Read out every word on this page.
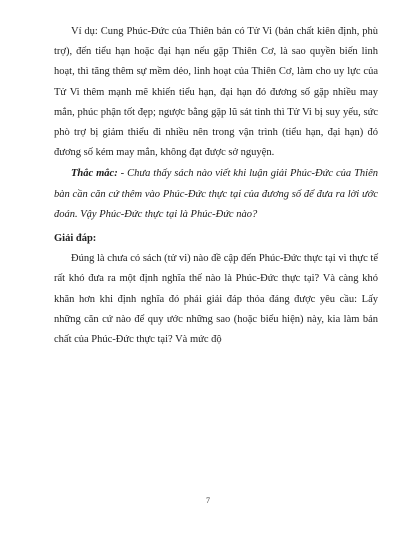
Ví dụ: Cung Phúc-Đức của Thiên bản có Tử Vi (bản chất kiên định, phù trợ), đến tiểu hạn hoặc đại hạn nếu gặp Thiên Cơ, là sao quyền biến linh hoạt, thì tăng thêm sự mềm dẻo, linh hoạt của Thiên Cơ, làm cho uy lực của Tử Vi thêm mạnh mẽ khiến tiểu hạn, đại hạn đó đương số gặp nhiều may mắn, phúc phận tốt đẹp; ngược bằng gặp lũ sát tinh thì Tử Vi bị suy yếu, sức phò trợ bị giảm thiểu đi nhiều nên trong vận trình (tiểu hạn, đại hạn) đó đương số kém may mắn, không đạt được sở nguyện.

Thắc mắc: - Chưa thấy sách nào viết khi luận giải Phúc-Đức của Thiên bàn cần căn cứ thêm vào Phúc-Đức thực tại của đương số để đưa ra lời ước đoán. Vậy Phúc-Đức thực tại là Phúc-Đức nào?

Giải đáp:

Đúng là chưa có sách (tử vi) nào đề cập đến Phúc-Đức thực tại vì thực tế rất khó đưa ra một định nghĩa thế nào là Phúc-Đức thực tại? Và càng khó khăn hơn khi định nghĩa đó phải giải đáp thỏa đáng được yêu cầu: Lấy những căn cứ nào để quy ước những sao (hoặc biểu hiện) này, kia làm bản chất của Phúc-Đức thực tại? Và mức độ

7
